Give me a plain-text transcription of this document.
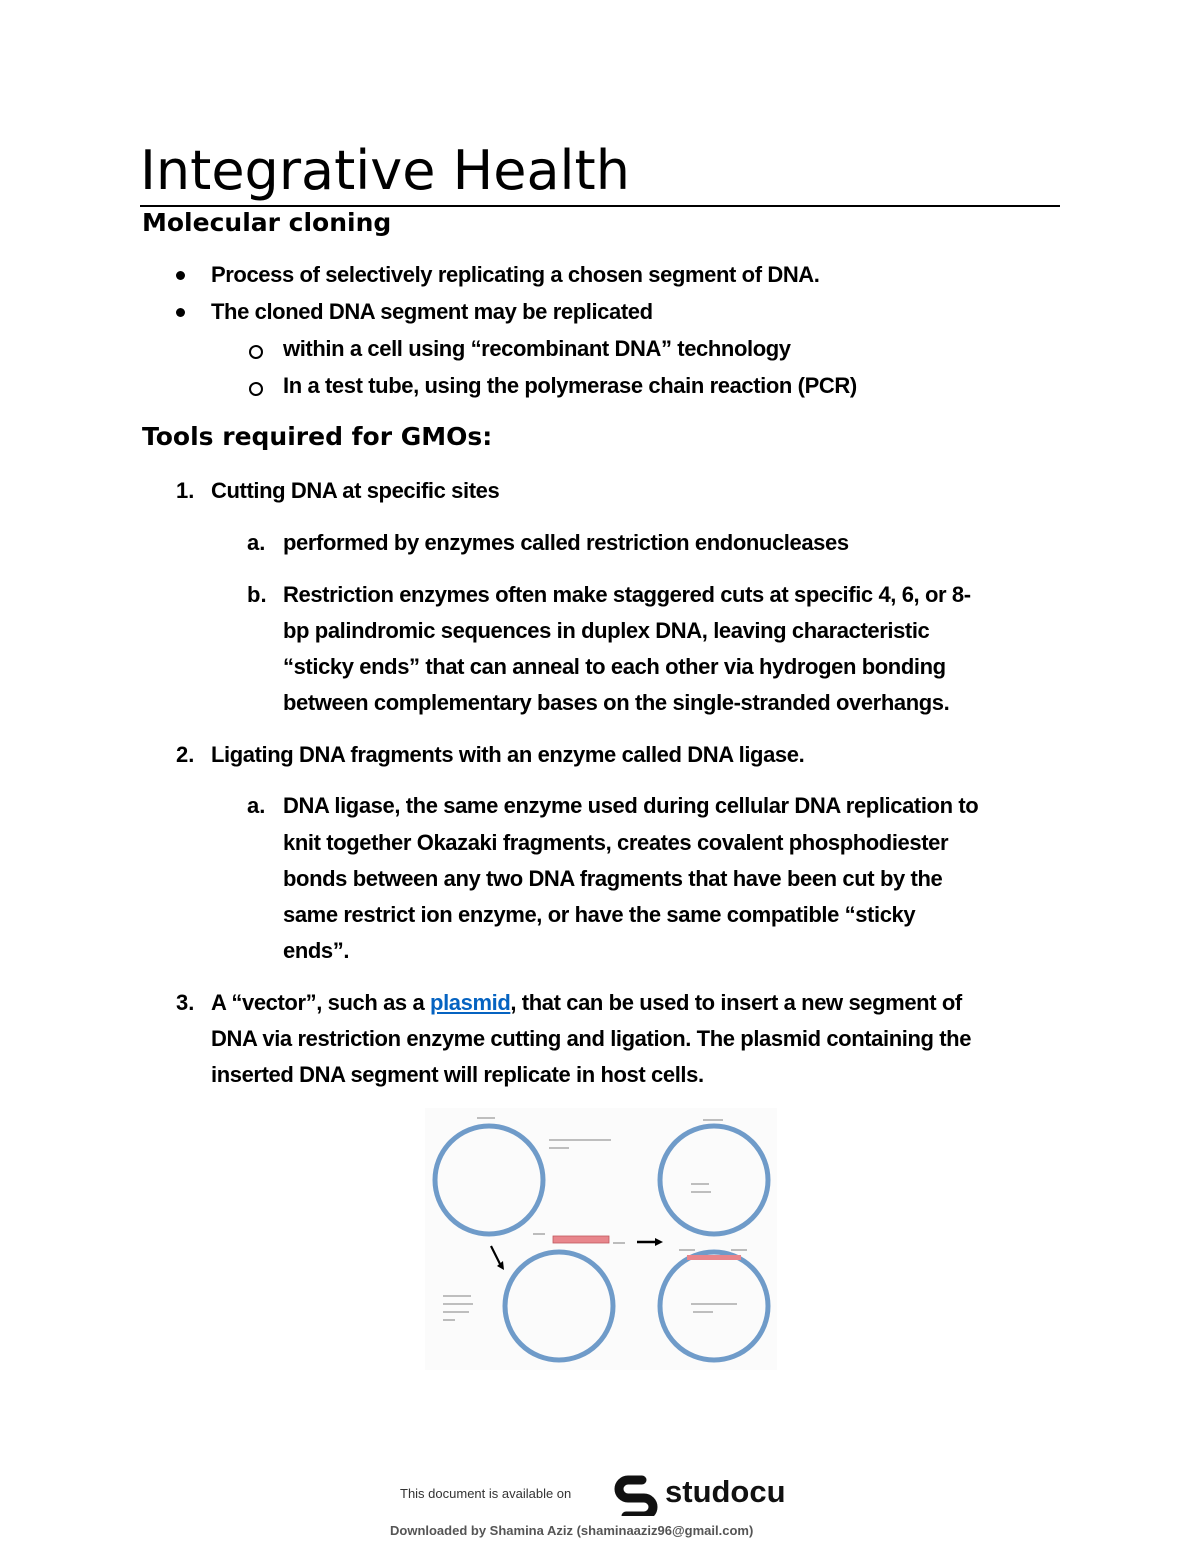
Integrative Health
Molecular cloning
Process of selectively replicating a chosen segment of DNA.
The cloned DNA segment may be replicated
within a cell using “recombinant DNA” technology
In a test tube, using the polymerase chain reaction (PCR)
Tools required for GMOs:
1. Cutting DNA at specific sites
a. performed by enzymes called restriction endonucleases
b. Restriction enzymes often make staggered cuts at specific 4, 6, or 8-
bp palindromic sequences in duplex DNA, leaving characteristic
“sticky ends” that can anneal to each other via hydrogen bonding
between complementary bases on the single-stranded overhangs.
2. Ligating DNA fragments with an enzyme called DNA ligase.
a. DNA ligase, the same enzyme used during cellular DNA replication to
knit together Okazaki fragments, creates covalent phosphodiester
bonds between any two DNA fragments that have been cut by the
same restrict ion enzyme, or have the same compatible “sticky
ends”.
3. A “vector”, such as a plasmid, that can be used to insert a new segment of
DNA via restriction enzyme cutting and ligation. The plasmid containing the
inserted DNA segment will replicate in host cells.
This document is available on	studocu
Downloaded by Shamina Aziz (shaminaaziz96@gmail.com)
